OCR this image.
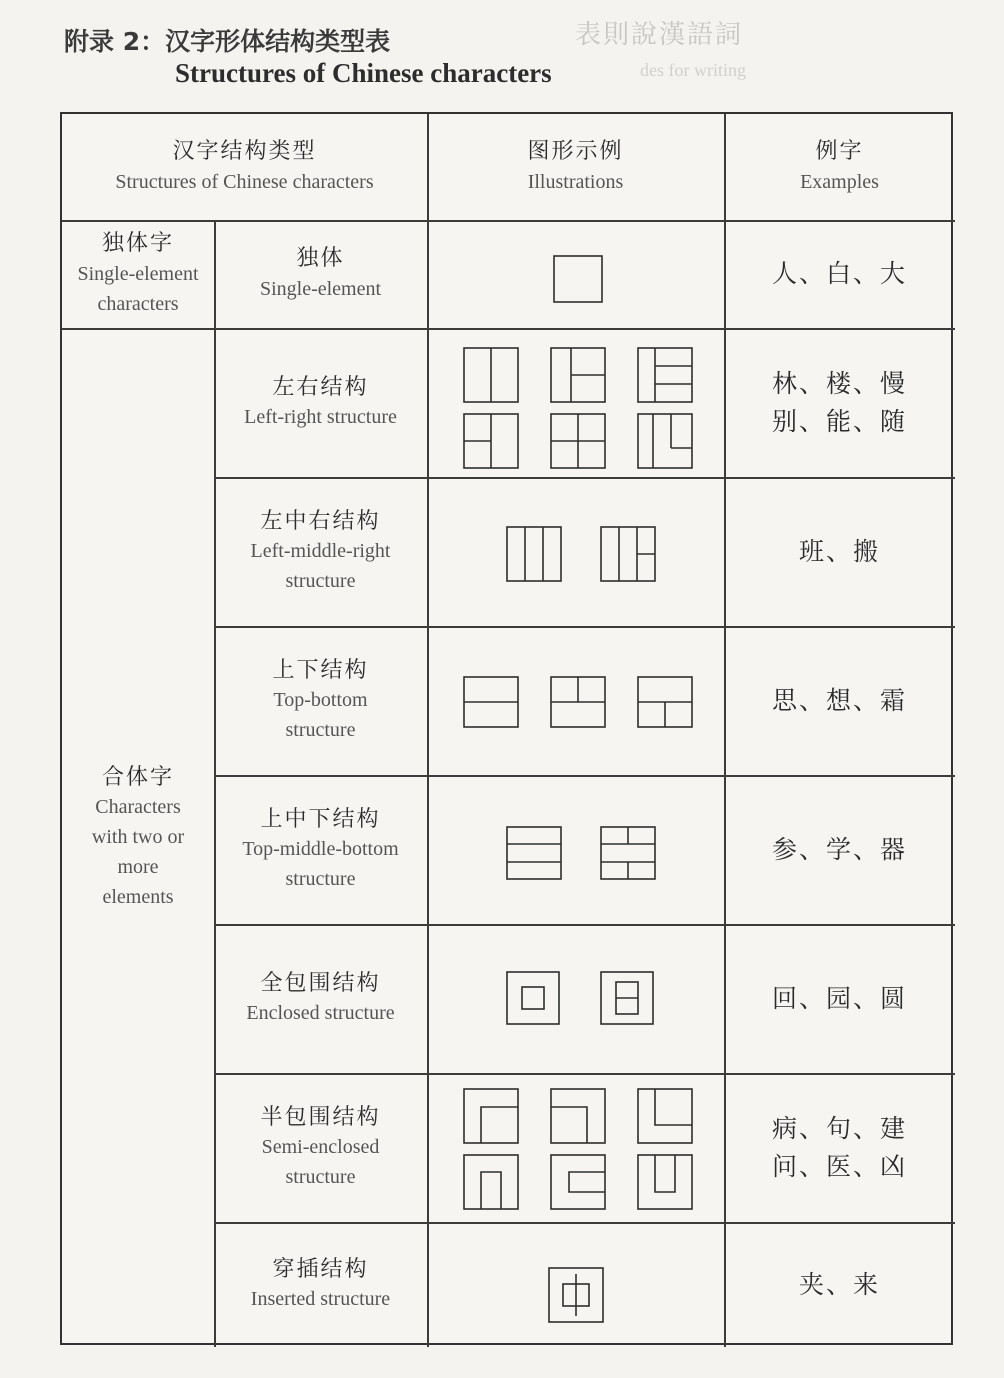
表則說漢語詞
des for writing
附录 2：汉字形体结构类型表
Structures of Chinese characters
汉字结构类型
Structures of Chinese characters
图形示例
Illustrations
例字
Examples
独体字
Single-element
characters
合体字
Characters
with two or
more
elements
独体
Single-element
人、白、大
左右结构
Left-right structure
林、楼、慢
别、能、随
左中右结构
Left-middle-right
structure
班、搬
上下结构
Top-bottom
structure
思、想、霜
上中下结构
Top-middle-bottom
structure
参、学、器
全包围结构
Enclosed structure
回、园、圆
半包围结构
Semi-enclosed
structure
病、句、建
问、医、凶
穿插结构
Inserted structure
夹、来
